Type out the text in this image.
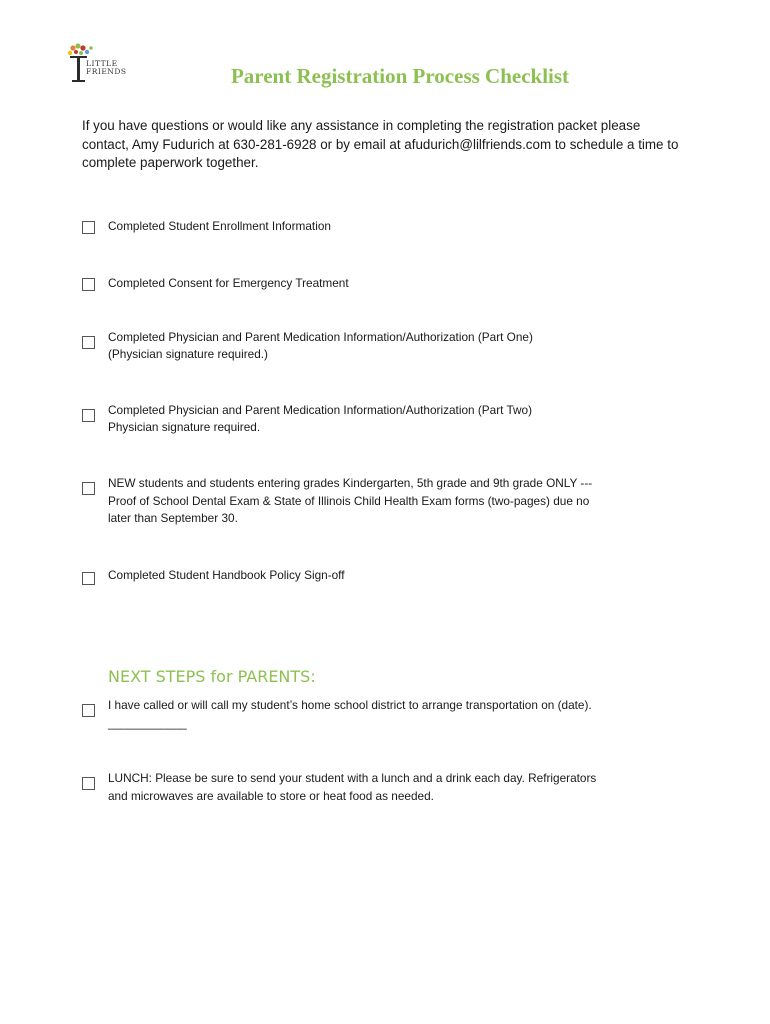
LITTLE
FRIENDS	Parent Registration Process Checklist

If you have questions or would like any assistance in completing the registration packet please contact, Amy Fudurich at 630-281-6928 or by email at afudurich@lilfriends.com to schedule a time to complete paperwork together.

Completed Student Enrollment Information

Completed Consent for Emergency Treatment

Completed Physician and Parent Medication Information/Authorization (Part One)

(Physician signature required.)

Completed Physician and Parent Medication Information/Authorization (Part Two)

Physician signature required.

NEW students and students entering grades Kindergarten, 5th grade and 9th grade ONLY --- Proof of School Dental Exam & State of Illinois Child Health Exam forms (two-pages) due no later than September 30.

Completed Student Handbook Policy Sign-off

NEXT STEPS for PARENTS:

I have called or will call my student’s home school district to arrange transportation on (date). ____________

LUNCH: Please be sure to send your student with a lunch and a drink each day. Refrigerators and microwaves are available to store or heat food as needed.
